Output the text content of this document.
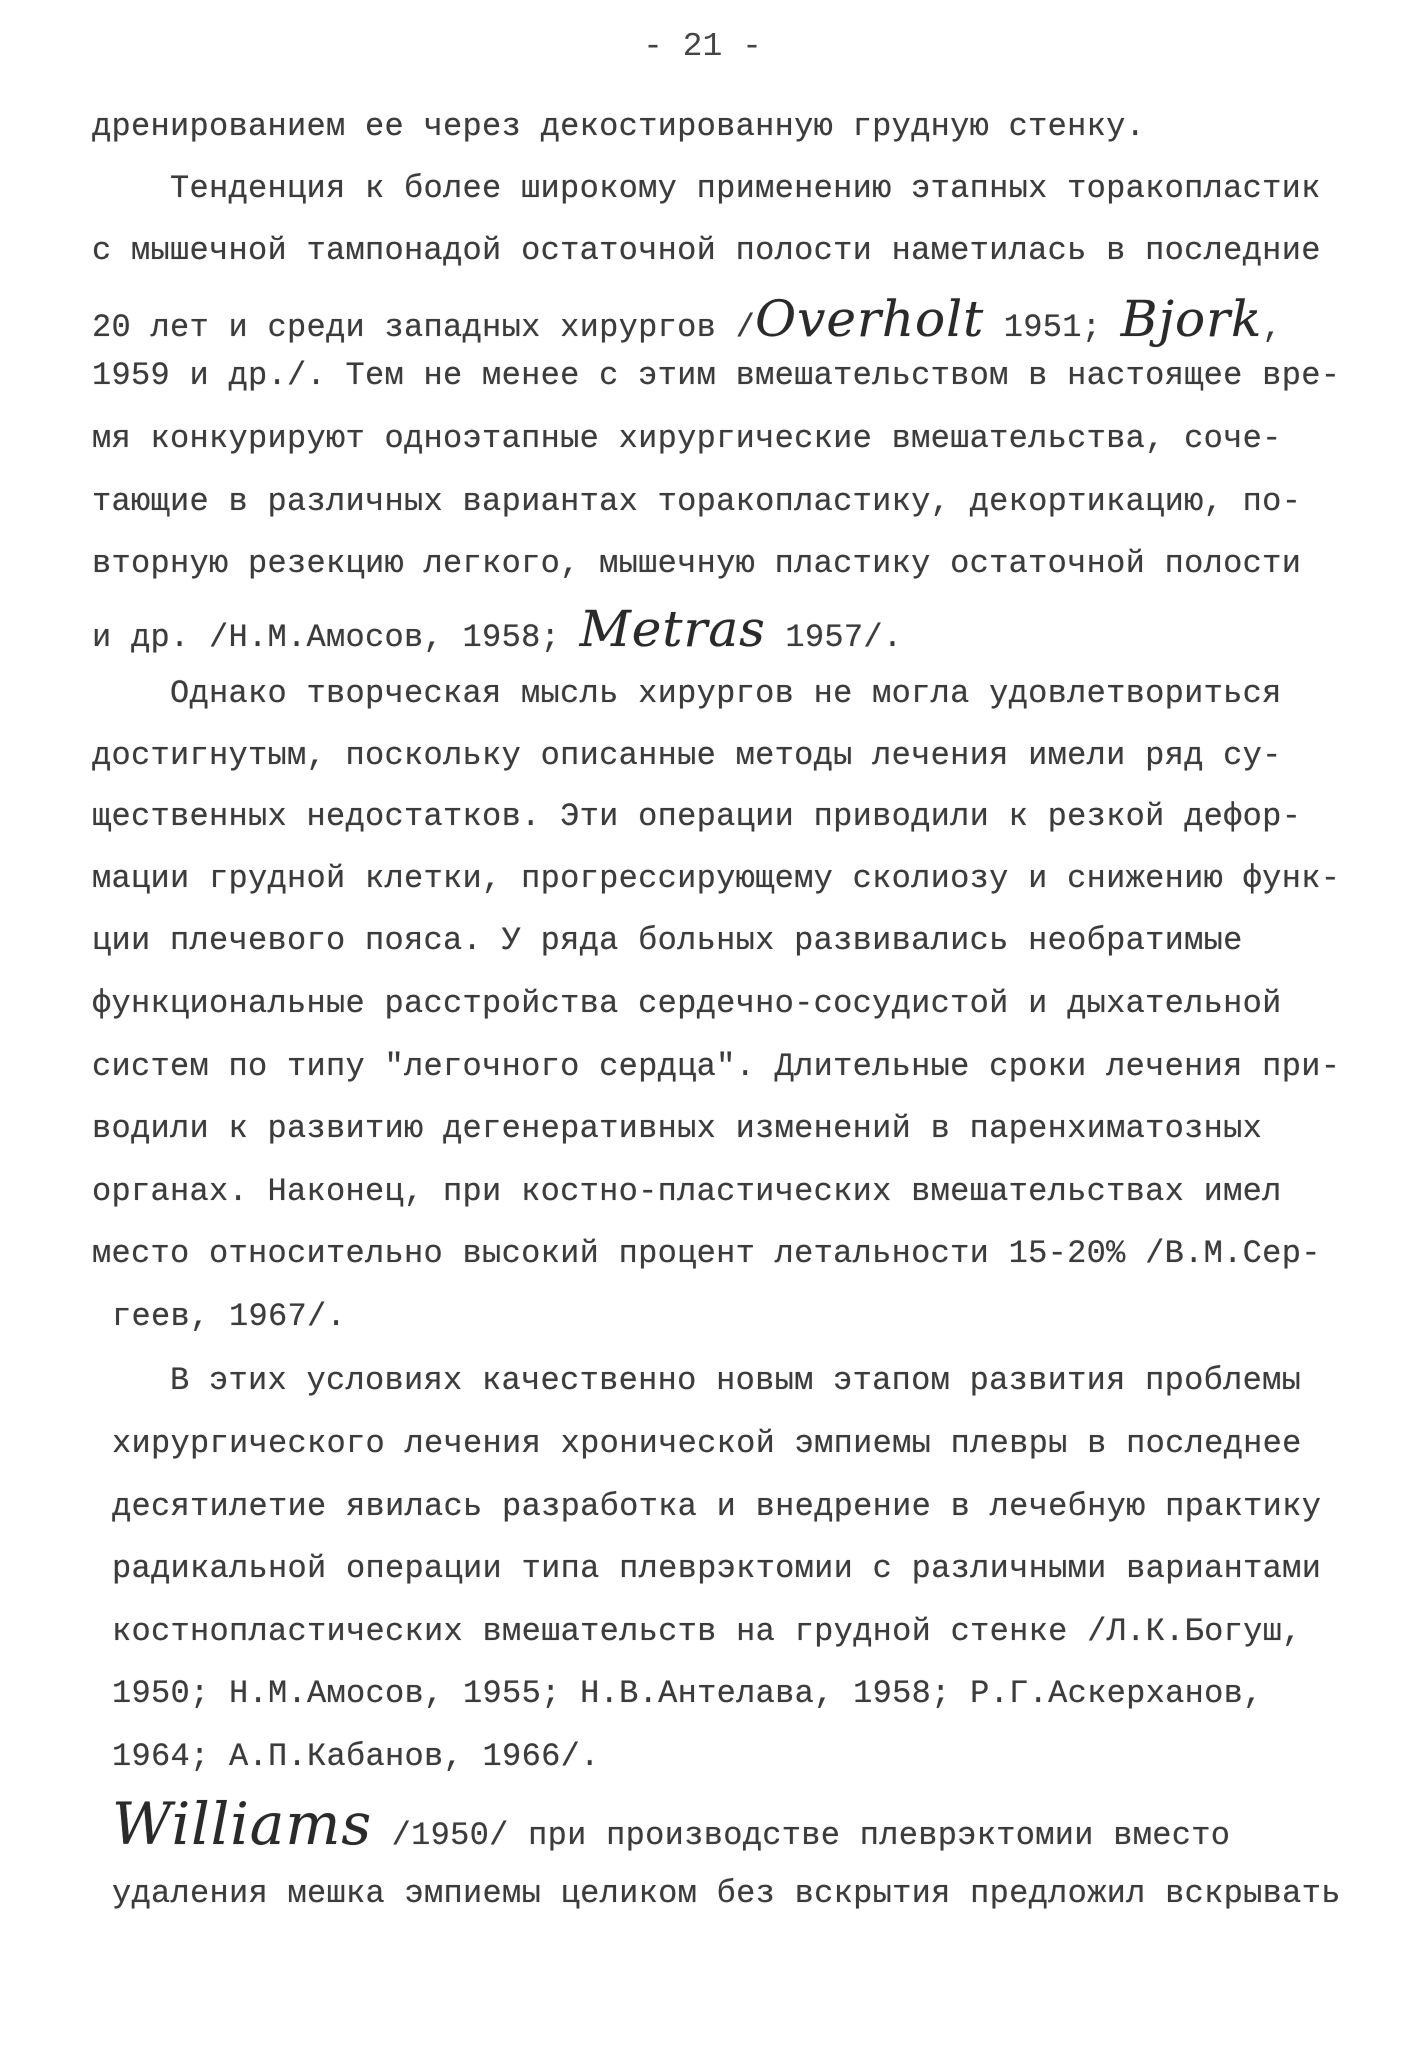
- 21 -
дренированием ее через декостированную грудную стенку.
Тенденция к более широкому применению этапных торакопластик
с мышечной тампонадой остаточной полости наметилась в последние
20 лет и среди западных хирургов /Overholt 1951; Bjork,
1959 и др./. Тем не менее с этим вмешательством в настоящее вре-
мя конкурируют одноэтапные хирургические вмешательства, соче-
тающие в различных вариантах торакопластику, декортикацию, по-
вторную резекцию легкого, мышечную пластику остаточной полости
и др. /Н.М.Амосов, 1958; Metras 1957/.
Однако творческая мысль хирургов не могла удовлетвориться
достигнутым, поскольку описанные методы лечения имели ряд су-
щественных недостатков. Эти операции приводили к резкой дефор-
мации грудной клетки, прогрессирующему сколиозу и снижению функ-
ции плечевого пояса. У ряда больных развивались необратимые
функциональные расстройства сердечно-сосудистой и дыхательной
систем по типу "легочного сердца". Длительные сроки лечения при-
водили к развитию дегенеративных изменений в паренхиматозных
органах. Наконец, при костно-пластических вмешательствах имел
место относительно высокий процент летальности 15-20% /В.М.Сер-
геев, 1967/.
В этих условиях качественно новым этапом развития проблемы
хирургического лечения хронической эмпиемы плевры в последнее
десятилетие явилась разработка и внедрение в лечебную практику
радикальной операции типа плеврэктомии с различными вариантами
костнопластических вмешательств на грудной стенке /Л.К.Богуш,
1950; Н.М.Амосов, 1955; Н.В.Антелава, 1958; Р.Г.Аскерханов,
1964; А.П.Кабанов, 1966/.
Williams /1950/ при производстве плеврэктомии вместо
удаления мешка эмпиемы целиком без вскрытия предложил вскрывать
